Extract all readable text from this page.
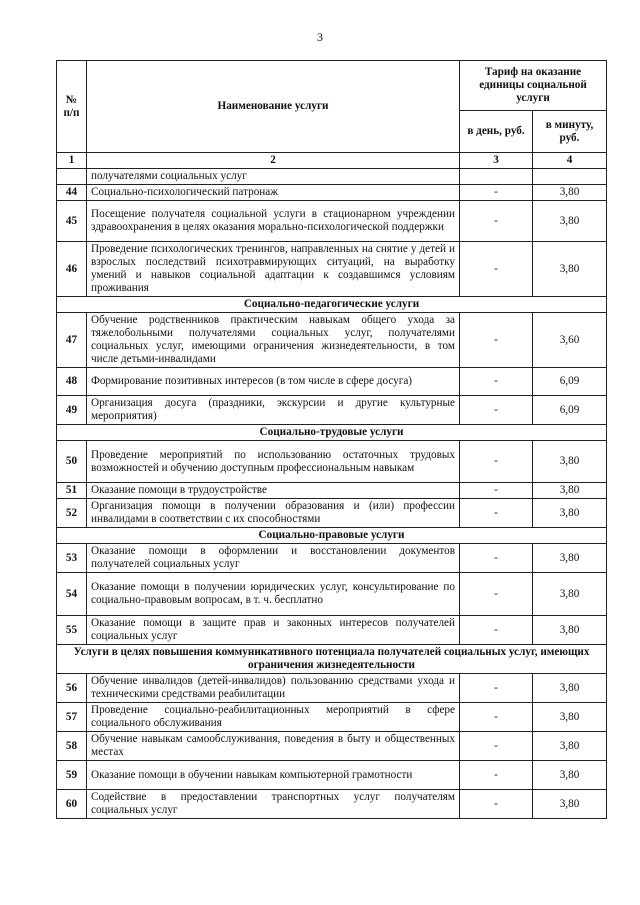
3
№ п/п	Наименование услуги	Тариф на оказание единицы социальной услуги	
		в день, руб.	в минуту, руб.
1	2	3	4
	получателями социальных услуг		
44	Социально-психологический патронаж	-	3,80
45	Посещение получателя социальной услуги в стационарном учреждении здравоохранения в целях оказания морально-психологической поддержки	-	3,80
46	Проведение психологических тренингов, направленных на снятие у детей и взрослых последствий психотравмирующих ситуаций, на выработку умений и навыков социальной адаптации к создавшимся условиям проживания	-	3,80
Социально-педагогические услуги			
47	Обучение родственников практическим навыкам общего ухода за тяжелобольными получателями социальных услуг, получателями социальных услуг, имеющими ограничения жизнедеятельности, в том числе детьми-инвалидами	-	3,60
48	Формирование позитивных интересов (в том числе в сфере досуга)	-	6,09
49	Организация досуга (праздники, экскурсии и другие культурные мероприятия)	-	6,09
Социально-трудовые услуги			
50	Проведение мероприятий по использованию остаточных трудовых возможностей и обучению доступным профессиональным навыкам	-	3,80
51	Оказание помощи в трудоустройстве	-	3,80
52	Организация помощи в получении образования и (или) профессии инвалидами в соответствии с их способностями	-	3,80
Социально-правовые услуги			
53	Оказание помощи в оформлении и восстановлении документов получателей социальных услуг	-	3,80
54	Оказание помощи в получении юридических услуг, консультирование по социально-правовым вопросам, в т. ч. бесплатно	-	3,80
55	Оказание помощи в защите прав и законных интересов получателей социальных услуг	-	3,80
Услуги в целях повышения коммуникативного потенциала получателей социальных услуг, имеющих ограничения жизнедеятельности			
56	Обучение инвалидов (детей-инвалидов) пользованию средствами ухода и техническими средствами реабилитации	-	3,80
57	Проведение социально-реабилитационных мероприятий в сфере социального обслуживания	-	3,80
58	Обучение навыкам самообслуживания, поведения в быту и общественных местах	-	3,80
59	Оказание помощи в обучении навыкам компьютерной грамотности	-	3,80
60	Содействие в предоставлении транспортных услуг получателям социальных услуг	-	3,80
